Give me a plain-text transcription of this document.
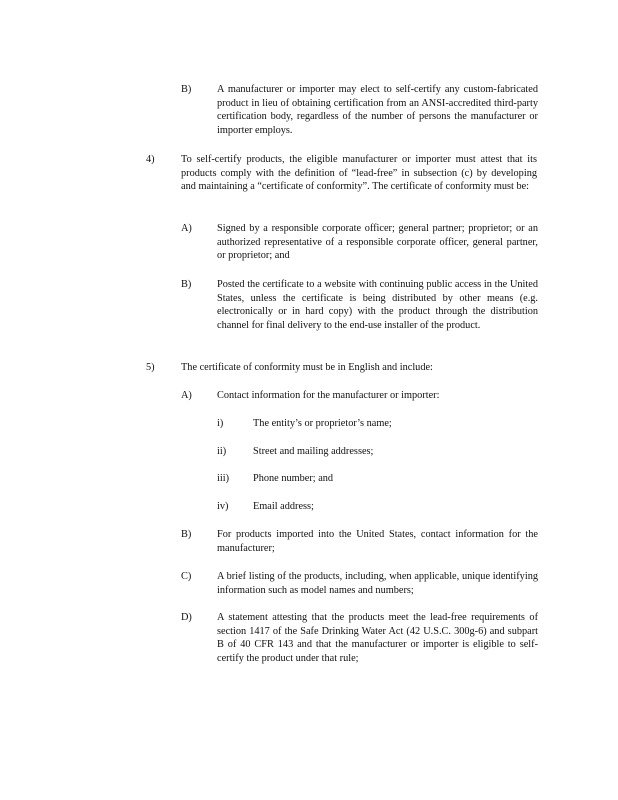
B) A manufacturer or importer may elect to self-certify any custom-fabricated product in lieu of obtaining certification from an ANSI-accredited third-party certification body, regardless of the number of persons the manufacturer or importer employs.
4)	To self-certify products, the eligible manufacturer or importer must attest that its products comply with the definition of “lead-free” in subsection (c) by developing and maintaining a “certificate of conformity”. The certificate of conformity must be:
A) Signed by a responsible corporate officer; general partner; proprietor; or an authorized representative of a responsible corporate officer, general partner, or proprietor; and
B) Posted the certificate to a website with continuing public access in the United States, unless the certificate is being distributed by other means (e.g. electronically or in hard copy) with the product through the distribution channel for final delivery to the end-use installer of the product.
5)	The certificate of conformity must be in English and include:
A) Contact information for the manufacturer or importer:
i)	The entity’s or proprietor’s name;
ii)	Street and mailing addresses;
iii) Phone number; and
iv) Email address;
B) For products imported into the United States, contact information for the manufacturer;
C) A brief listing of the products, including, when applicable, unique identifying information such as model names and numbers;
D) A statement attesting that the products meet the lead-free requirements of section 1417 of the Safe Drinking Water Act (42 U.S.C. 300g-6) and subpart B of 40 CFR 143 and that the manufacturer or importer is eligible to self-certify the product under that rule;
